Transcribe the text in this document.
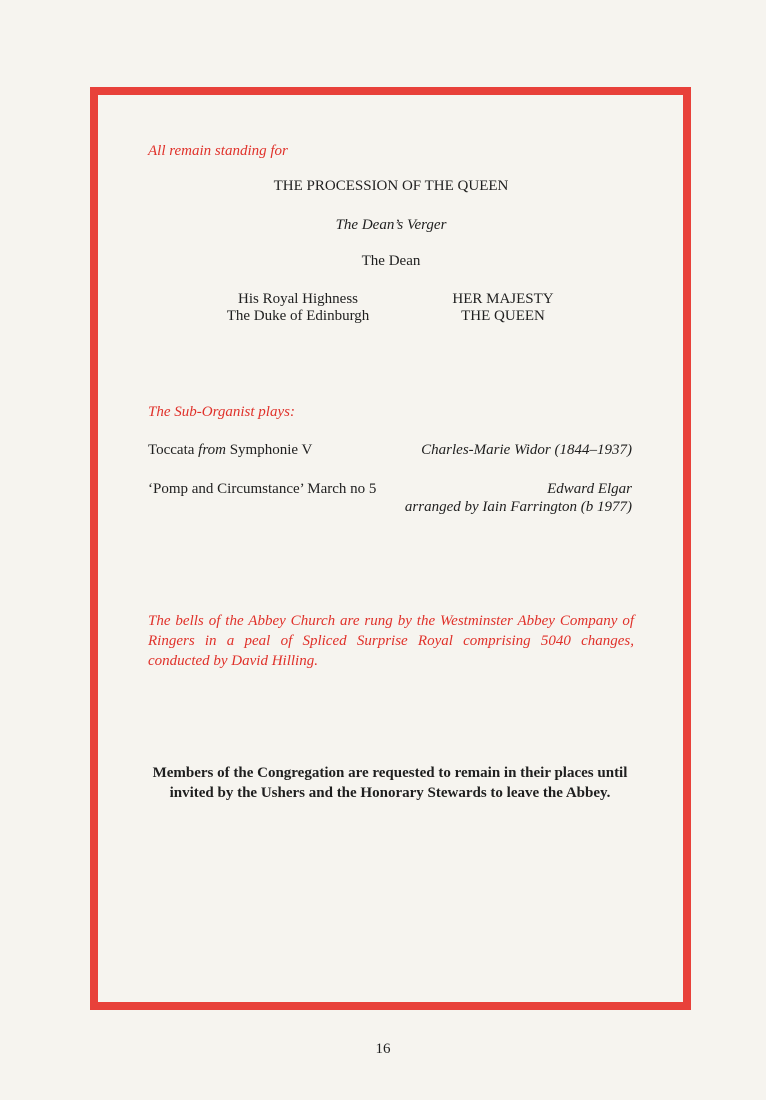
All remain standing for
THE PROCESSION OF THE QUEEN
The Dean’s Verger
The Dean
His Royal Highness
The Duke of Edinburgh
HER MAJESTY
THE QUEEN
The Sub-Organist plays:
Toccata from Symphonie V	Charles-Marie Widor (1844–1937)
‘Pomp and Circumstance’ March no 5	Edward Elgar
arranged by Iain Farrington (b 1977)
The bells of the Abbey Church are rung by the Westminster Abbey Company of Ringers in a peal of Spliced Surprise Royal comprising 5040 changes, conducted by David Hilling.
Members of the Congregation are requested to remain in their places until
invited by the Ushers and the Honorary Stewards to leave the Abbey.
16
